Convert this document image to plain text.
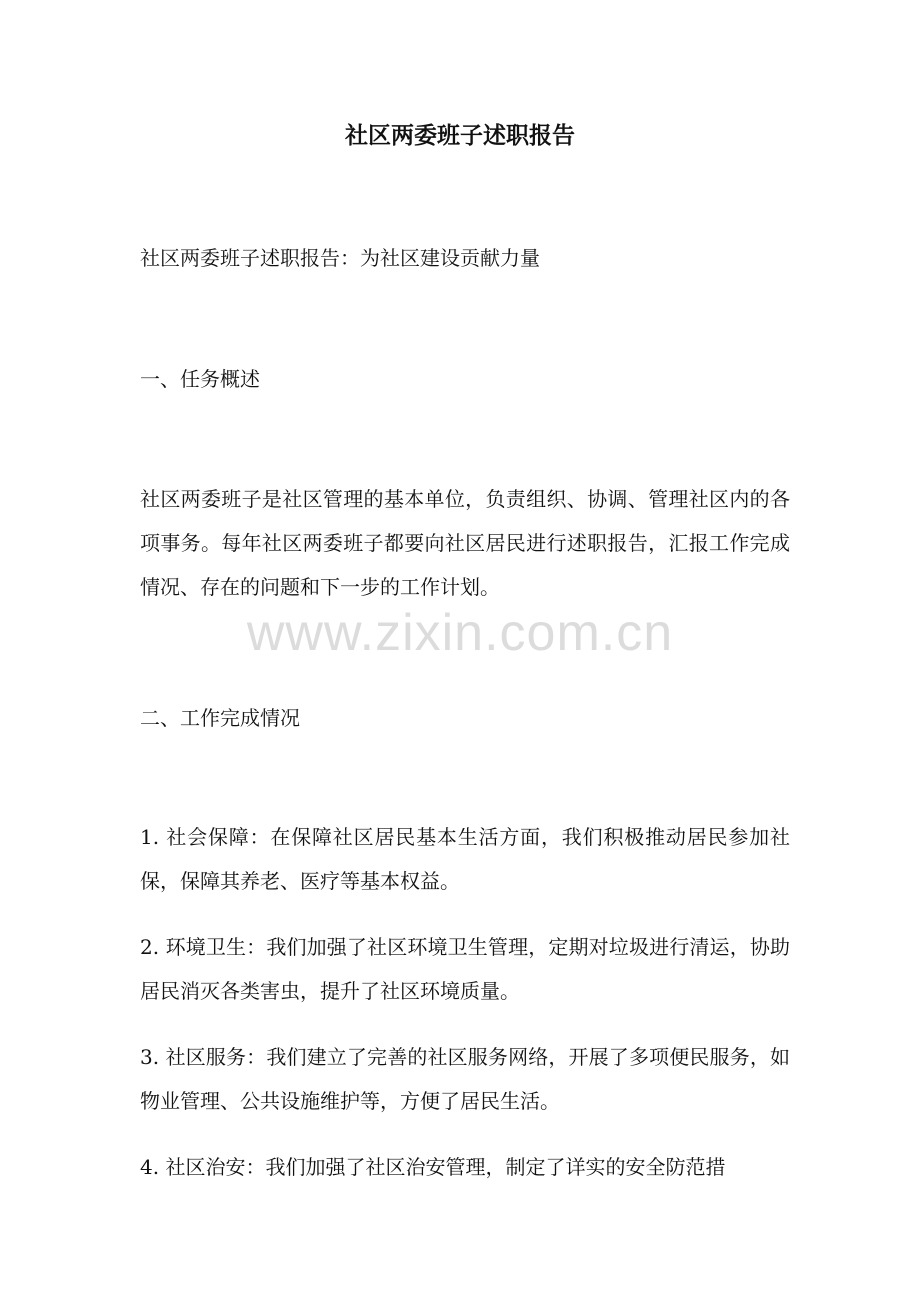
社区两委班子述职报告

社区两委班子述职报告：为社区建设贡献力量

一、任务概述

社区两委班子是社区管理的基本单位，负责组织、协调、管理社区内的各项事务。每年社区两委班子都要向社区居民进行述职报告，汇报工作完成情况、存在的问题和下一步的工作计划。

二、工作完成情况

1. 社会保障：在保障社区居民基本生活方面，我们积极推动居民参加社保，保障其养老、医疗等基本权益。

2. 环境卫生：我们加强了社区环境卫生管理，定期对垃圾进行清运，协助居民消灭各类害虫，提升了社区环境质量。

3. 社区服务：我们建立了完善的社区服务网络，开展了多项便民服务，如物业管理、公共设施维护等，方便了居民生活。

4. 社区治安：我们加强了社区治安管理，制定了详实的安全防范措

www.zixin.com.cn
